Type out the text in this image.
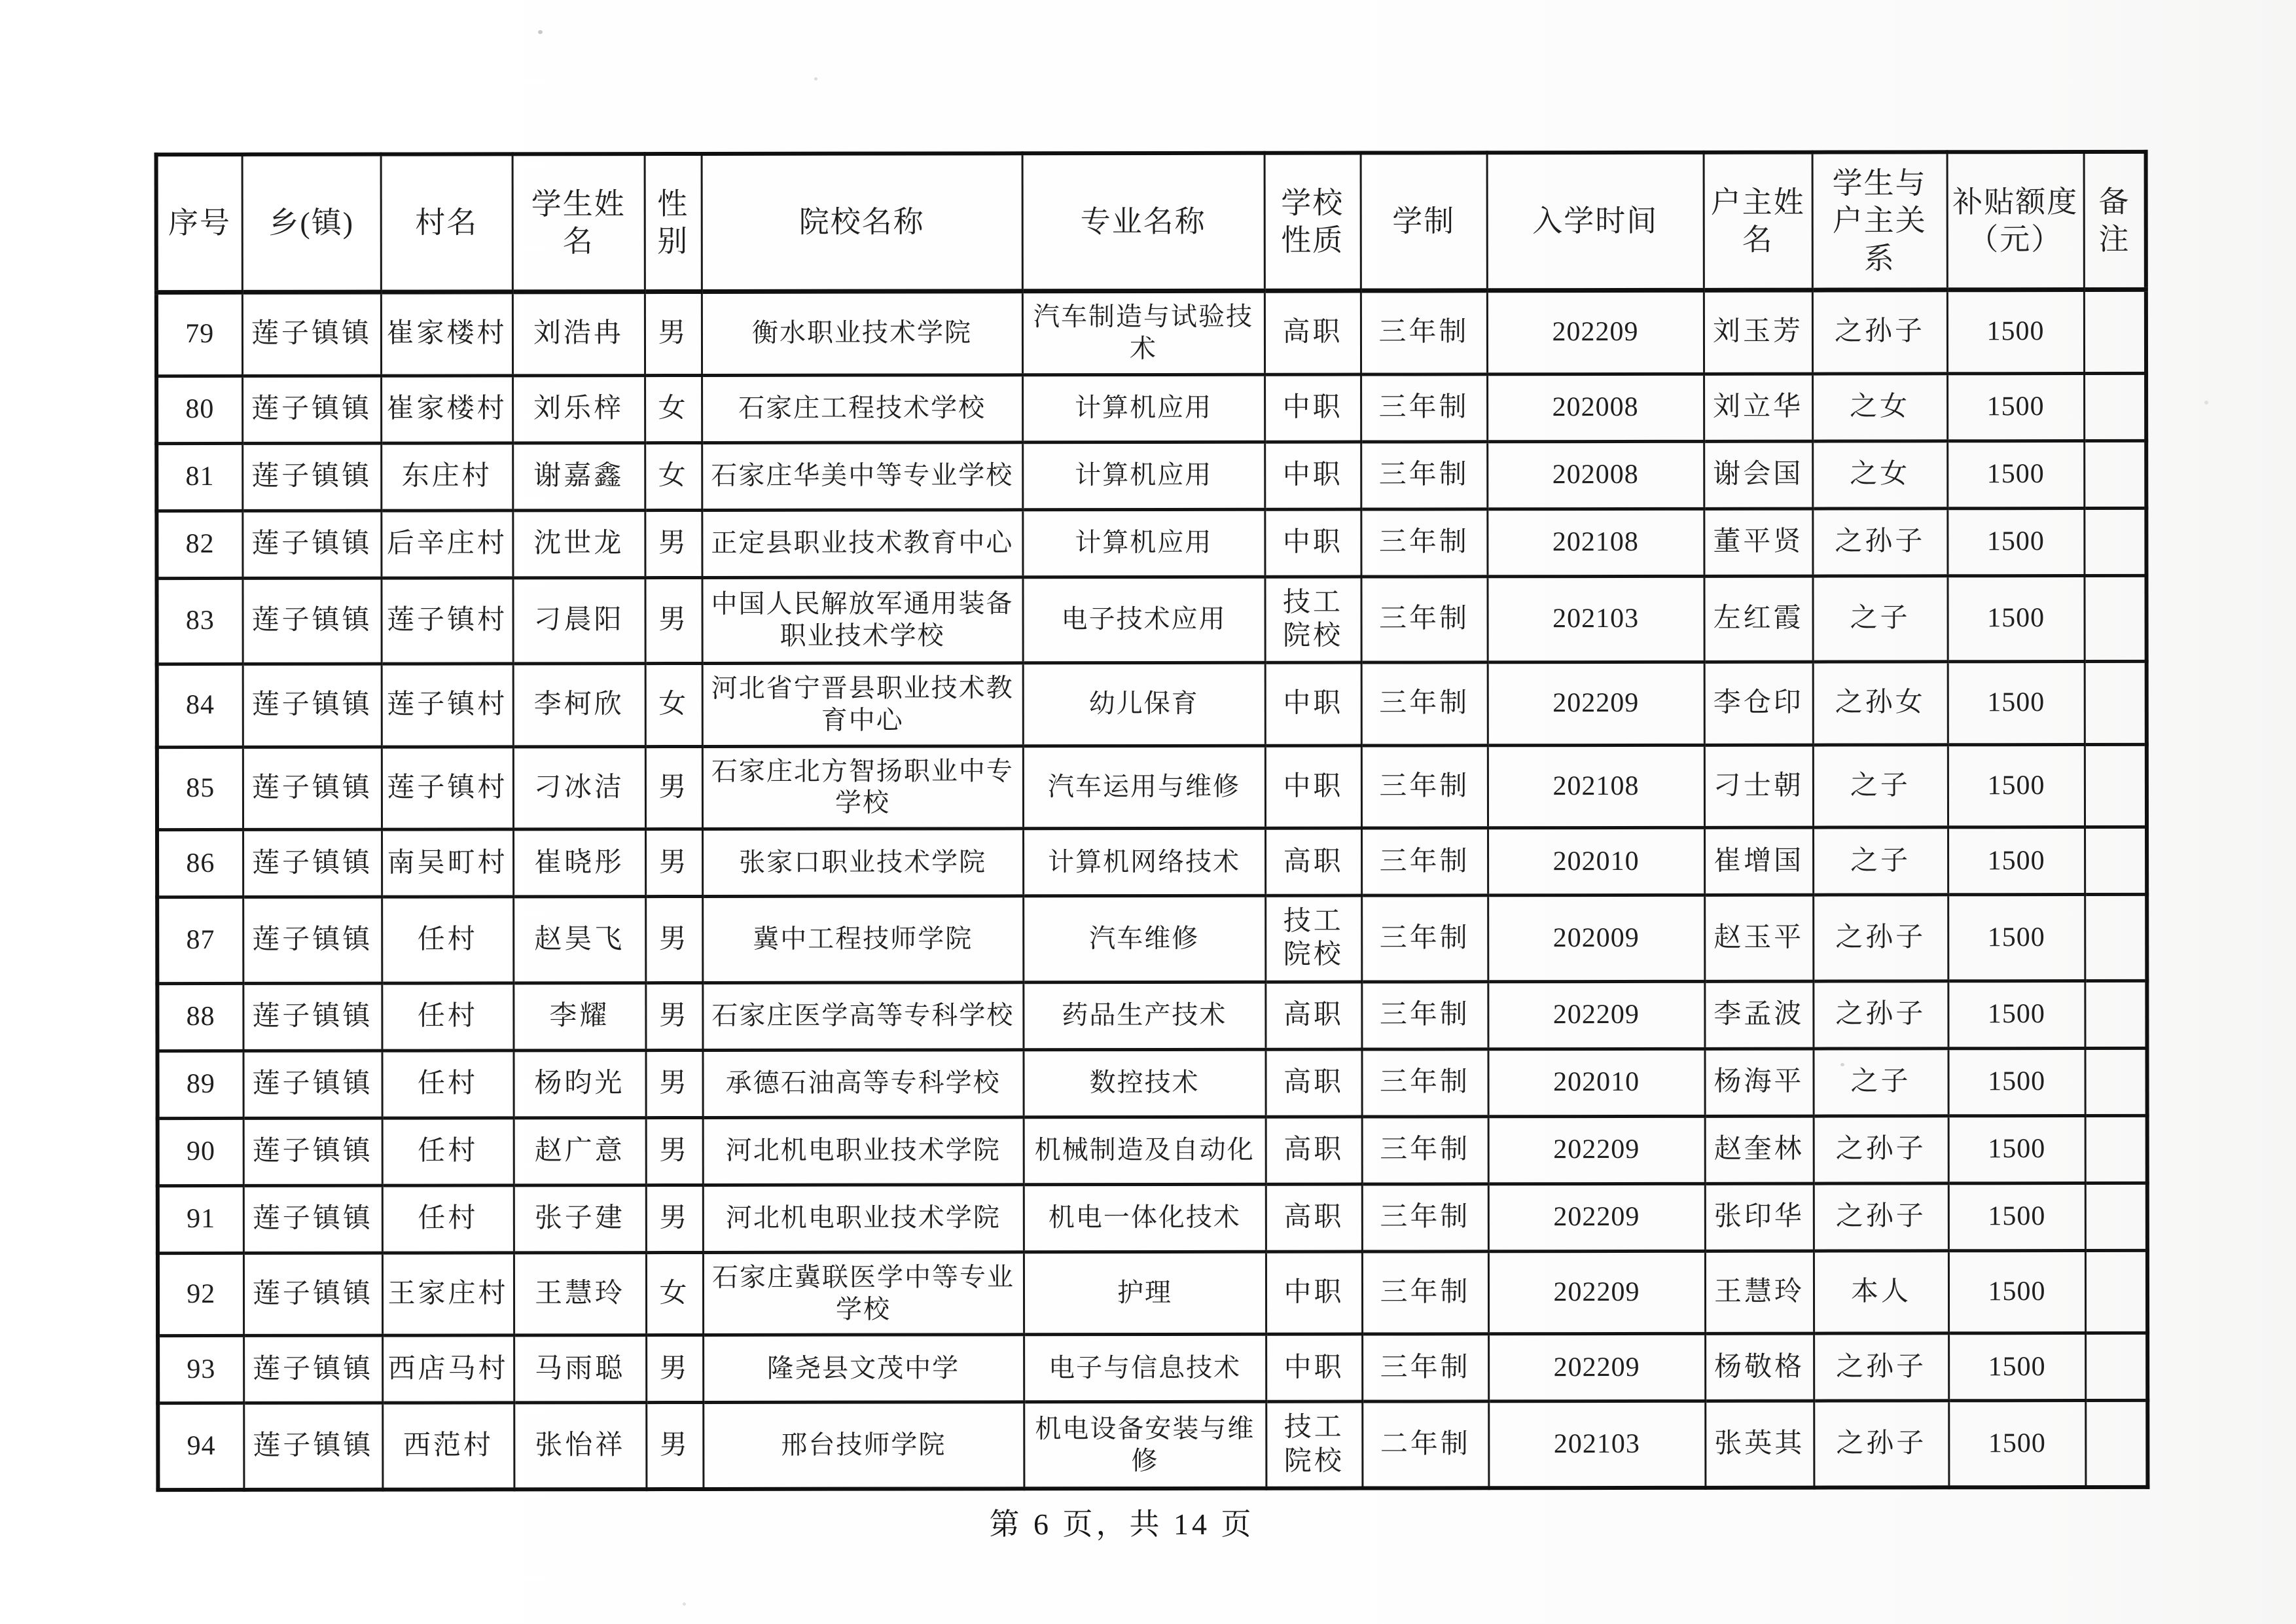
序号	乡(镇)	村名	学生姓名	性别	院校名称	专业名称	学校性质	学制	入学时间	户主姓名	学生与户主关系	补贴额度（元）	备注
79	莲子镇镇	崔家楼村	刘浩冉	男	衡水职业技术学院	汽车制造与试验技术	高职	三年制	202209	刘玉芳	之孙子	1500	
80	莲子镇镇	崔家楼村	刘乐梓	女	石家庄工程技术学校	计算机应用	中职	三年制	202008	刘立华	之女	1500	
81	莲子镇镇	东庄村	谢嘉鑫	女	石家庄华美中等专业学校	计算机应用	中职	三年制	202008	谢会国	之女	1500	
82	莲子镇镇	后辛庄村	沈世龙	男	正定县职业技术教育中心	计算机应用	中职	三年制	202108	董平贤	之孙子	1500	
83	莲子镇镇	莲子镇村	刁晨阳	男	中国人民解放军通用装备职业技术学校	电子技术应用	技工院校	三年制	202103	左红霞	之子	1500	
84	莲子镇镇	莲子镇村	李柯欣	女	河北省宁晋县职业技术教育中心	幼儿保育	中职	三年制	202209	李仓印	之孙女	1500	
85	莲子镇镇	莲子镇村	刁冰洁	男	石家庄北方智扬职业中专学校	汽车运用与维修	中职	三年制	202108	刁士朝	之子	1500	
86	莲子镇镇	南吴町村	崔晓彤	男	张家口职业技术学院	计算机网络技术	高职	三年制	202010	崔增国	之子	1500	
87	莲子镇镇	任村	赵昊飞	男	冀中工程技师学院	汽车维修	技工院校	三年制	202009	赵玉平	之孙子	1500	
88	莲子镇镇	任村	李耀	男	石家庄医学高等专科学校	药品生产技术	高职	三年制	202209	李孟波	之孙子	1500	
89	莲子镇镇	任村	杨昀光	男	承德石油高等专科学校	数控技术	高职	三年制	202010	杨海平	之子	1500	
90	莲子镇镇	任村	赵广意	男	河北机电职业技术学院	机械制造及自动化	高职	三年制	202209	赵奎林	之孙子	1500	
91	莲子镇镇	任村	张子建	男	河北机电职业技术学院	机电一体化技术	高职	三年制	202209	张印华	之孙子	1500	
92	莲子镇镇	王家庄村	王慧玲	女	石家庄冀联医学中等专业学校	护理	中职	三年制	202209	王慧玲	本人	1500	
93	莲子镇镇	西店马村	马雨聪	男	隆尧县文茂中学	电子与信息技术	中职	三年制	202209	杨敬格	之孙子	1500	
94	莲子镇镇	西范村	张怡祥	男	邢台技师学院	机电设备安装与维修	技工院校	二年制	202103	张英其	之孙子	1500	
第 6 页，共 14 页
